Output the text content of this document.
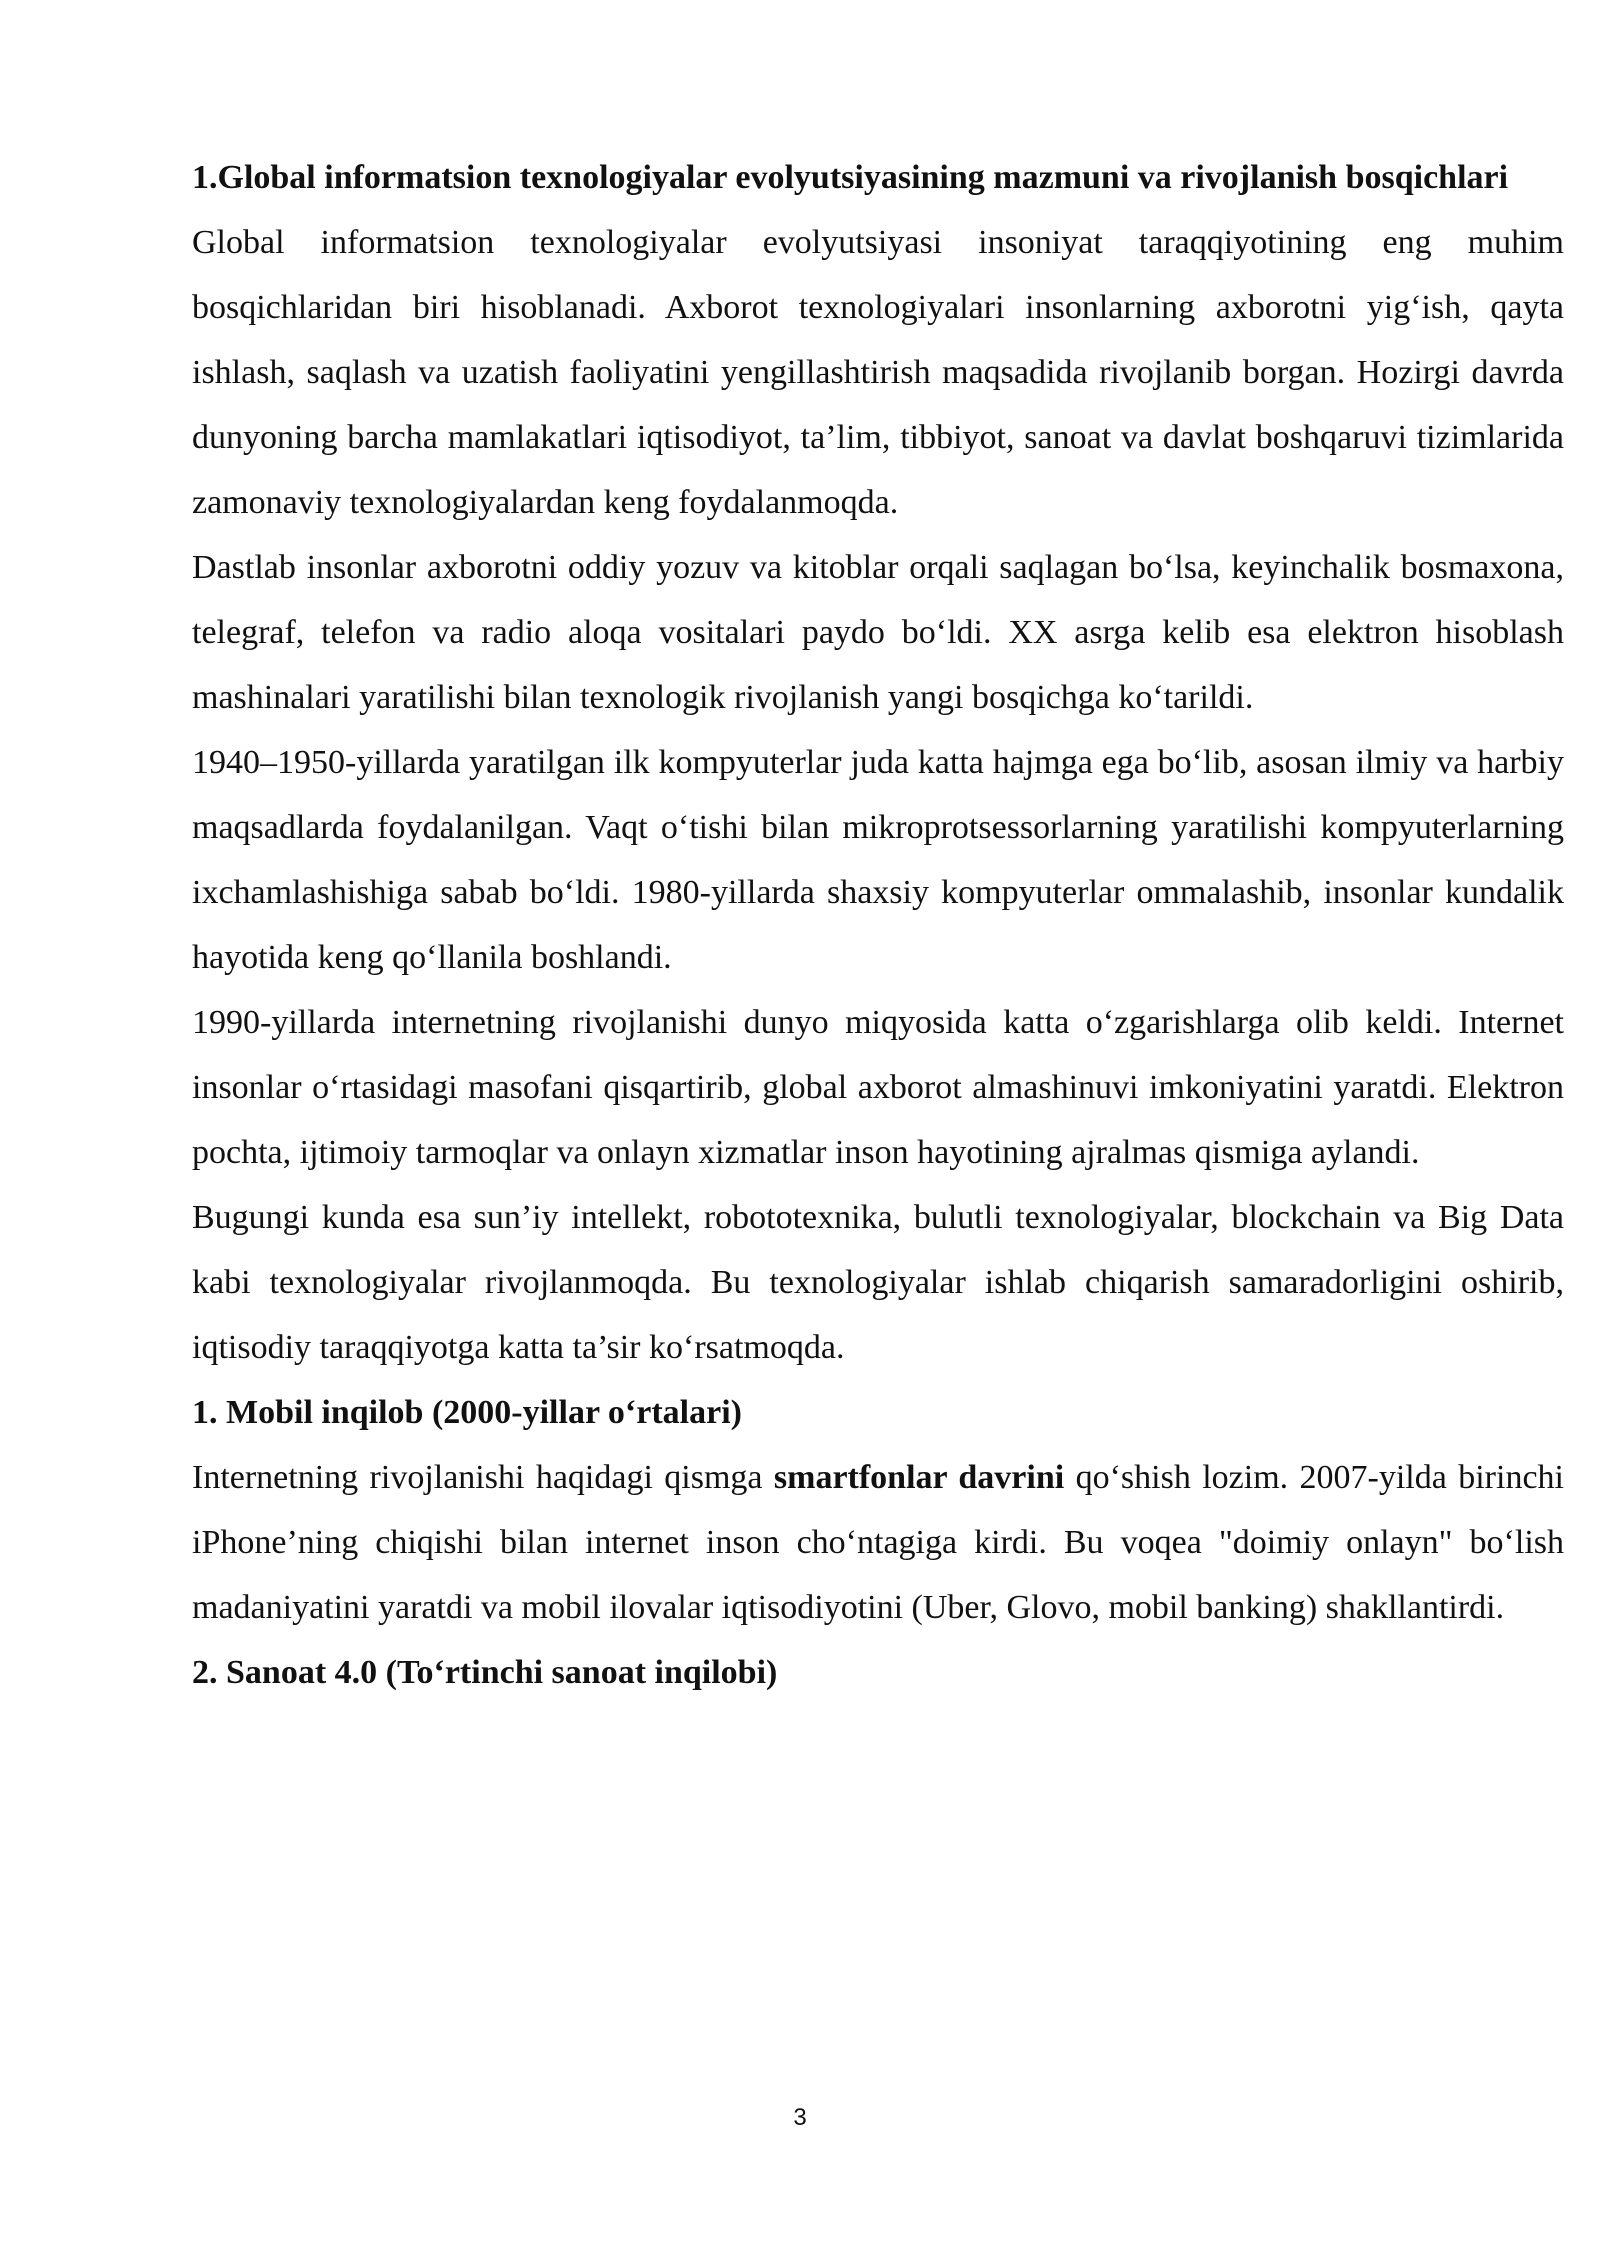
1.Global informatsion texnologiyalar evolyutsiyasining mazmuni va rivojlanish bosqichlari

Global informatsion texnologiyalar evolyutsiyasi insoniyat taraqqiyotining eng muhim bosqichlaridan biri hisoblanadi. Axborot texnologiyalari insonlarning axborotni yig‘ish, qayta ishlash, saqlash va uzatish faoliyatini yengillashtirish maqsadida rivojlanib borgan. Hozirgi davrda dunyoning barcha mamlakatlari iqtisodiyot, ta’lim, tibbiyot, sanoat va davlat boshqaruvi tizimlarida zamonaviy texnologiyalardan keng foydalanmoqda.

Dastlab insonlar axborotni oddiy yozuv va kitoblar orqali saqlagan bo‘lsa, keyinchalik bosmaxona, telegraf, telefon va radio aloqa vositalari paydo bo‘ldi. XX asrga kelib esa elektron hisoblash mashinalari yaratilishi bilan texnologik rivojlanish yangi bosqichga ko‘tarildi.

1940–1950-yillarda yaratilgan ilk kompyuterlar juda katta hajmga ega bo‘lib, asosan ilmiy va harbiy maqsadlarda foydalanilgan. Vaqt o‘tishi bilan mikroprotsessorlarning yaratilishi kompyuterlarning ixchamlashishiga sabab bo‘ldi. 1980-yillarda shaxsiy kompyuterlar ommalashib, insonlar kundalik hayotida keng qo‘llanila boshlandi.

1990-yillarda internetning rivojlanishi dunyo miqyosida katta o‘zgarishlarga olib keldi. Internet insonlar o‘rtasidagi masofani qisqartirib, global axborot almashinuvi imkoniyatini yaratdi. Elektron pochta, ijtimoiy tarmoqlar va onlayn xizmatlar inson hayotining ajralmas qismiga aylandi.

Bugungi kunda esa sun’iy intellekt, robototexnika, bulutli texnologiyalar, blockchain va Big Data kabi texnologiyalar rivojlanmoqda. Bu texnologiyalar ishlab chiqarish samaradorligini oshirib, iqtisodiy taraqqiyotga katta ta’sir ko‘rsatmoqda.

1. Mobil inqilob (2000-yillar o‘rtalari)

Internetning rivojlanishi haqidagi qismga smartfonlar davrini qo‘shish lozim. 2007-yilda birinchi iPhone’ning chiqishi bilan internet inson cho‘ntagiga kirdi. Bu voqea "doimiy onlayn" bo‘lish madaniyatini yaratdi va mobil ilovalar iqtisodiyotini (Uber, Glovo, mobil banking) shakllantirdi.

2. Sanoat 4.0 (To‘rtinchi sanoat inqilobi)
3
